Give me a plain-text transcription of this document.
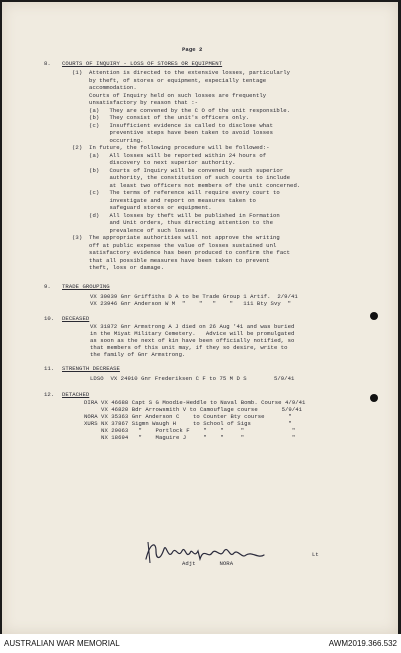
Page 2
8. COURTS OF INQUIRY - LOSS OF STORES OR EQUIPMENT
(1)  Attention is directed to the extensive losses, particularly
by theft, of stores or equipment, especially tentage
accommodation.
Courts of Inquiry held on such losses are frequently
unsatisfactory by reason that :-
(a)   They are convened by the C O of the unit responsible.
(b)   They consist of the unit's officers only.
(c)   Insufficient evidence is called to disclose what
preventive steps have been taken to avoid losses
occurring.
(2)  In future, the following procedure will be followed:-
(a)   All losses will be reported within 24 hours of
discovery to next superior authority.
(b)   Courts of Inquiry will be convened by such superior
authority, the constitution of such courts to include
at least two officers not members of the unit concerned.
(c)   The terms of reference will require every court to
investigate and report on measures taken to
safeguard stores or equipment.
(d)   All losses by theft will be published in Formation
and Unit orders, thus directing attention to the
prevalence of such losses.
(3)  The appropriate authorities will not approve the writing
off at public expense the value of losses sustained unl
satisfactory evidence has been produced to confirm the fact
that all possible measures have been taken to prevent
theft, loss or damage.
9. TRADE GROUPING
VX 30039 Gnr Griffiths D A to be Trade Group 1 Artif.  2/9/41
VX 23946 Gnr Anderson W M  "    "   "    "   111 Bty Svy  "
10. DECEASED
VX 31872 Gnr Armstrong A J died on 26 Aug '41 and was buried
in the Miyat Military Cemetery.   Advice will be promulgated
as soon as the next of kin have been officially notified, so
that members of this unit may, if they so desire, write to
the family of Gnr Armstrong.
11. STRENGTH DECREASE
LDSO  VX 24910 Gnr Frederiksen C F to 75 M D S        5/9/41
12. DETACHED
DIRA VX 46688 Capt S G Moodie-Heddle to Naval Bomb. Course 4/9/41
VX 46820 Bdr Arrowsmith V to Camouflage course       5/9/41
NORA VX 35363 Gnr Anderson C    to Counter Bty course       "
XURS NX 37867 Sigmn Waugh H     to School of Sigs           "
NX 29063   "    Portlock F    "    "     "              "
NX 18694   "    Maguire J     "    "     "              "
Lt
Adjt       NORA
AUSTRALIAN WAR MEMORIAL	AWM2019.366.532
